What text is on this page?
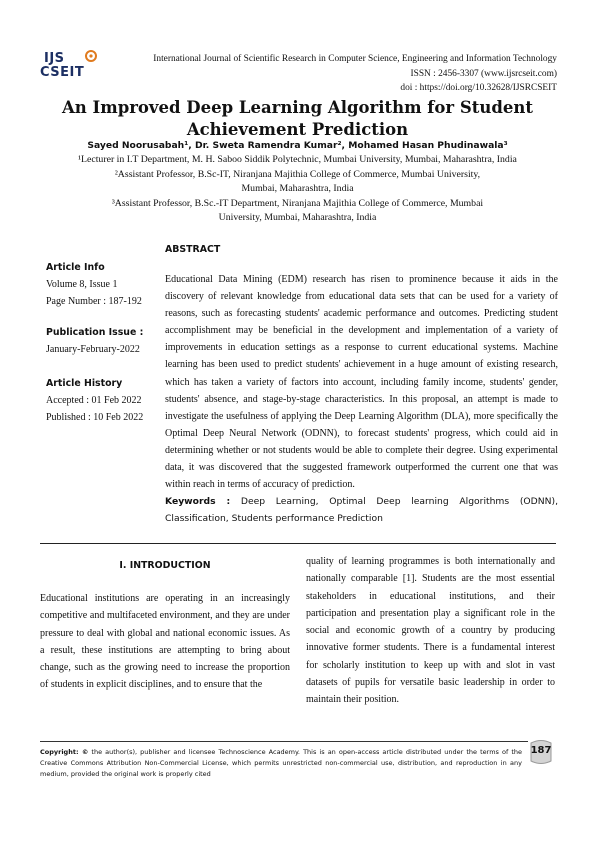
IJS
CSEIT
International Journal of Scientific Research in Computer Science, Engineering and Information Technology
ISSN : 2456-3307 (www.ijsrcseit.com)
doi : https://doi.org/10.32628/IJSRCSEIT
An Improved Deep Learning Algorithm for Student
Achievement Prediction
Sayed Noorusabah¹, Dr. Sweta Ramendra Kumar², Mohamed Hasan Phudinawala³
¹Lecturer in I.T Department, M. H. Saboo Siddik Polytechnic, Mumbai University, Mumbai, Maharashtra, India
²Assistant Professor, B.Sc-IT, Niranjana Majithia College of Commerce, Mumbai University, Mumbai, Maharashtra, India
³Assistant Professor, B.Sc.-IT Department, Niranjana Majithia College of Commerce, Mumbai University, Mumbai, Maharashtra, India
ABSTRACT
Article Info
Volume 8, Issue 1
Page Number : 187-192
Publication Issue :
January-February-2022
Article History
Accepted : 01 Feb 2022
Published : 10 Feb 2022

Educational Data Mining (EDM) research has risen to prominence because it aids in the discovery of relevant knowledge from educational data sets that can be used for a variety of reasons, such as forecasting students' academic performance and outcomes. Predicting student accomplishment may be beneficial in the development and implementation of a variety of improvements in education settings as a response to current educational systems. Machine learning has been used to predict students' achievement in a huge amount of existing research, which has taken a variety of factors into account, including family income, students' gender, students' absence, and stage-by-stage characteristics. In this proposal, an attempt is made to investigate the usefulness of applying the Deep Learning Algorithm (DLA), more specifically the Optimal Deep Neural Network (ODNN), to forecast students' progress, which could aid in determining whether or not students would be able to complete their degree. Using experimental data, it was discovered that the suggested framework outperformed the current one that was within reach in terms of accuracy of prediction.

Keywords : Deep Learning, Optimal Deep learning Algorithms (ODNN), Classification, Students performance Prediction

I. INTRODUCTION

Educational institutions are operating in an increasingly competitive and multifaceted environment, and they are under pressure to deal with global and national economic issues. As a result, these institutions are attempting to bring about change, such as the growing need to increase the proportion of students in explicit disciplines, and to ensure that the

quality of learning programmes is both internationally and nationally comparable [1]. Students are the most essential stakeholders in educational institutions, and their participation and presentation play a significant role in the social and economic growth of a country by producing innovative former students. There is a fundamental interest for scholarly institution to keep up with and slot in vast datasets of pupils for versatile basic leadership in order to maintain their position.

Copyright: © the author(s), publisher and licensee Technoscience Academy. This is an open-access article distributed under the terms of the Creative Commons Attribution Non-Commercial License, which permits unrestricted non-commercial use, distribution, and reproduction in any medium, provided the original work is properly cited

187
